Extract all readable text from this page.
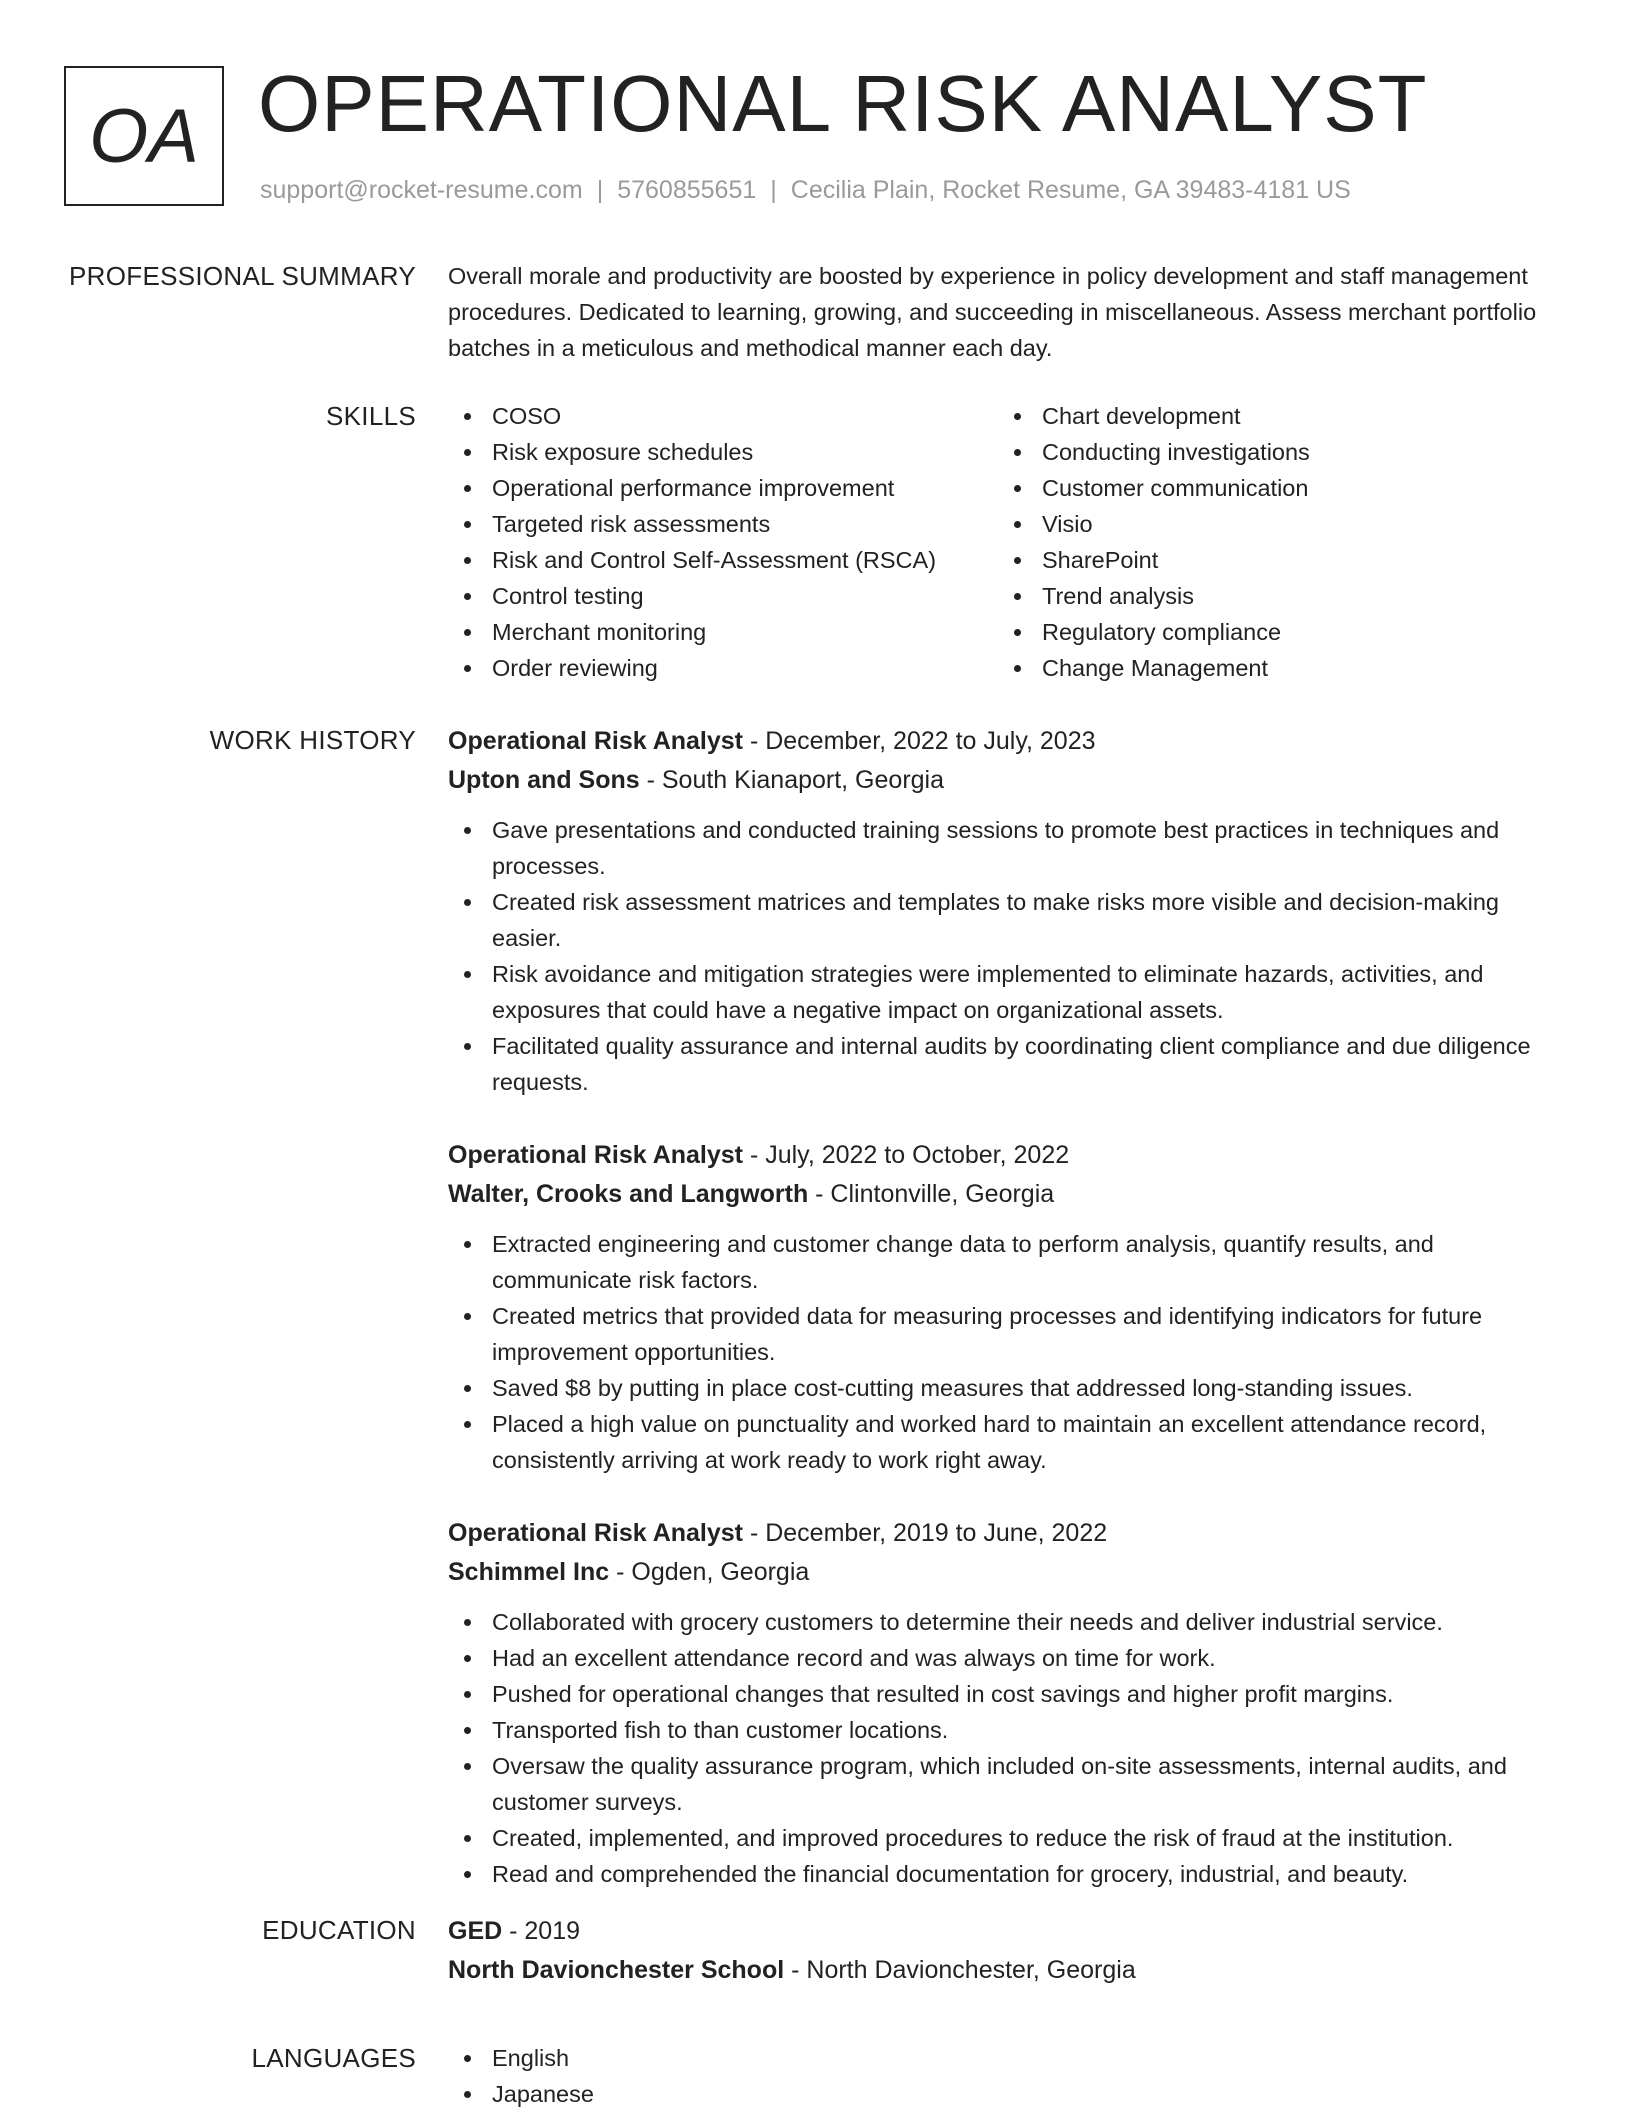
OA OPERATIONAL RISK ANALYST
support@rocket-resume.com | 5760855651 | Cecilia Plain, Rocket Resume, GA 39483-4181 US
PROFESSIONAL SUMMARY Overall morale and productivity are boosted by experience in policy development and staff management procedures. Dedicated to learning, growing, and succeeding in miscellaneous. Assess merchant portfolio batches in a meticulous and methodical manner each day.

SKILLS	COSO
Risk exposure schedules
Operational performance improvement
Targeted risk assessments
Risk and Control Self-Assessment (RSCA)
Control testing
Merchant monitoring
Order reviewing
Chart development
Conducting investigations
Customer communication
Visio
SharePoint
Trend analysis
Regulatory compliance
Change Management
WORK HISTORY Operational Risk Analyst - December, 2022 to July, 2023
Upton and Sons - South Kianaport, Georgia
Gave presentations and conducted training sessions to promote best practices in techniques and processes.
Created risk assessment matrices and templates to make risks more visible and decision-making easier.
Risk avoidance and mitigation strategies were implemented to eliminate hazards, activities, and exposures that could have a negative impact on organizational assets.
Facilitated quality assurance and internal audits by coordinating client compliance and due diligence requests.
Operational Risk Analyst - July, 2022 to October, 2022
Walter, Crooks and Langworth - Clintonville, Georgia
Extracted engineering and customer change data to perform analysis, quantify results, and communicate risk factors.
Created metrics that provided data for measuring processes and identifying indicators for future improvement opportunities.
Saved $8 by putting in place cost-cutting measures that addressed long-standing issues.
Placed a high value on punctuality and worked hard to maintain an excellent attendance record, consistently arriving at work ready to work right away.
Operational Risk Analyst - December, 2019 to June, 2022
Schimmel Inc - Ogden, Georgia
Collaborated with grocery customers to determine their needs and deliver industrial service.
Had an excellent attendance record and was always on time for work.
Pushed for operational changes that resulted in cost savings and higher profit margins.
Transported fish to than customer locations.
Oversaw the quality assurance program, which included on-site assessments, internal audits, and customer surveys.
Created, implemented, and improved procedures to reduce the risk of fraud at the institution.
Read and comprehended the financial documentation for grocery, industrial, and beauty.
EDUCATION GED - 2019
North Davionchester School - North Davionchester, Georgia
LANGUAGES	English
Japanese
